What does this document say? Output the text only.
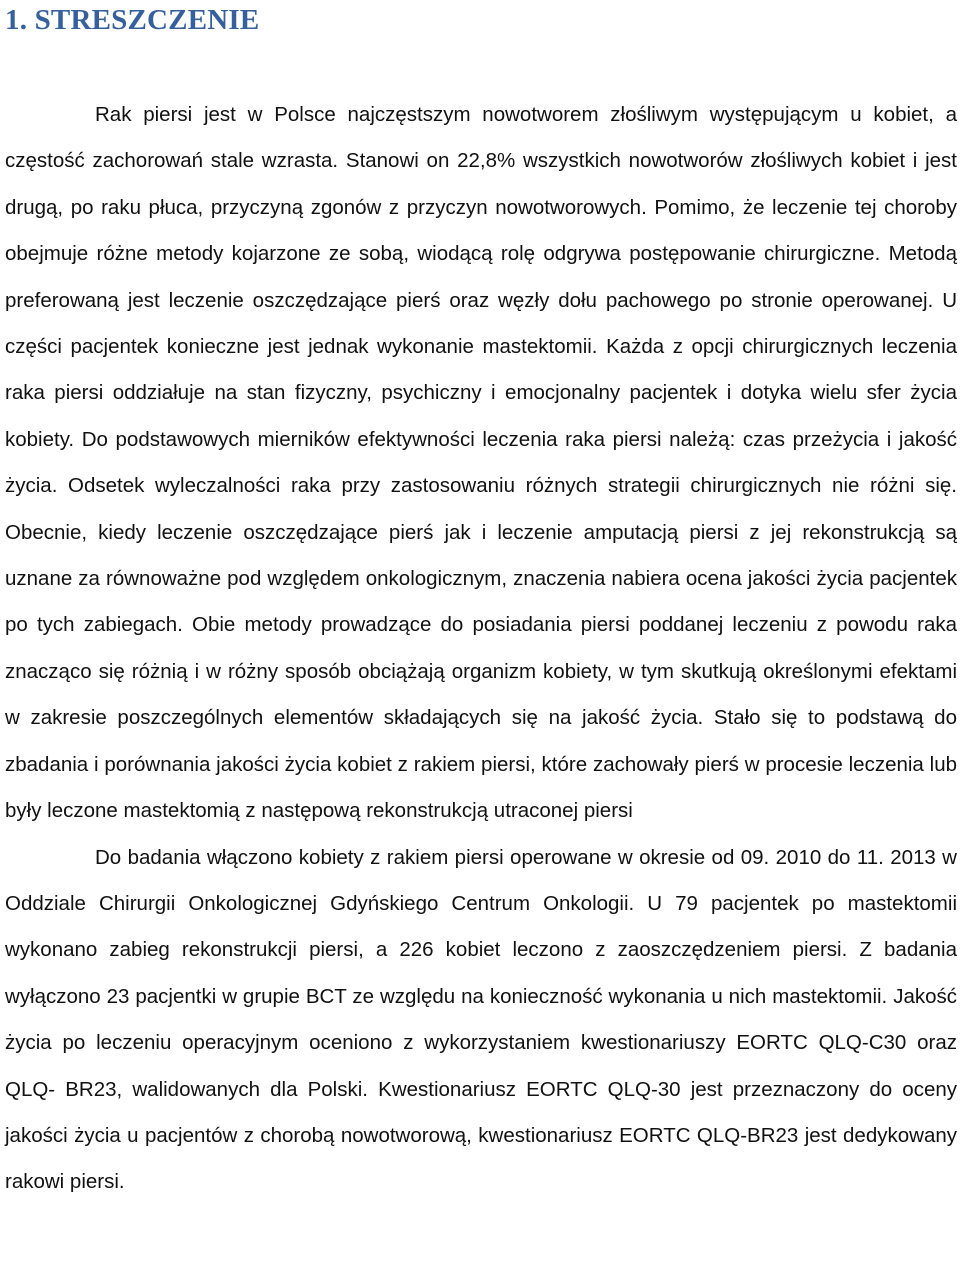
1. STRESZCZENIE

Rak piersi jest w Polsce najczęstszym nowotworem złośliwym występującym u kobiet, a częstość zachorowań stale wzrasta. Stanowi on 22,8% wszystkich nowotworów złośliwych kobiet i jest drugą, po raku płuca, przyczyną zgonów z przyczyn nowotworowych. Pomimo, że leczenie tej choroby obejmuje różne metody kojarzone ze sobą, wiodącą rolę odgrywa postępowanie chirurgiczne. Metodą preferowaną jest leczenie oszczędzające pierś oraz węzły dołu pachowego po stronie operowanej. U części pacjentek konieczne jest jednak wykonanie mastektomii. Każda z opcji chirurgicznych leczenia raka piersi oddziałuje na stan fizyczny, psychiczny i emocjonalny pacjentek i dotyka wielu sfer życia kobiety. Do podstawowych mierników efektywności leczenia raka piersi należą: czas przeżycia i jakość życia. Odsetek wyleczalności raka przy zastosowaniu różnych strategii chirurgicznych nie różni się. Obecnie, kiedy leczenie oszczędzające pierś jak i leczenie amputacją piersi z jej rekonstrukcją są uznane za równoważne pod względem onkologicznym, znaczenia nabiera ocena jakości życia pacjentek po tych zabiegach. Obie metody prowadzące do posiadania piersi poddanej leczeniu z powodu raka znacząco się różnią i w różny sposób obciążają organizm kobiety, w tym skutkują określonymi efektami w zakresie poszczególnych elementów składających się na jakość życia. Stało się to podstawą do zbadania i porównania jakości życia kobiet z rakiem piersi, które zachowały pierś w procesie leczenia lub były leczone mastektomią z następową rekonstrukcją utraconej piersi

Do badania włączono kobiety z rakiem piersi operowane w okresie od 09. 2010 do 11. 2013 w Oddziale Chirurgii Onkologicznej Gdyńskiego Centrum Onkologii. U 79 pacjentek po mastektomii wykonano zabieg rekonstrukcji piersi, a 226 kobiet leczono z zaoszczędzeniem piersi. Z badania wyłączono 23 pacjentki w grupie BCT ze względu na konieczność wykonania u nich mastektomii. Jakość życia po leczeniu operacyjnym oceniono z wykorzystaniem kwestionariuszy EORTC QLQ-C30 oraz QLQ- BR23, walidowanych dla Polski. Kwestionariusz EORTC QLQ-30 jest przeznaczony do oceny jakości życia u pacjentów z chorobą nowotworową, kwestionariusz EORTC QLQ-BR23 jest dedykowany rakowi piersi.
